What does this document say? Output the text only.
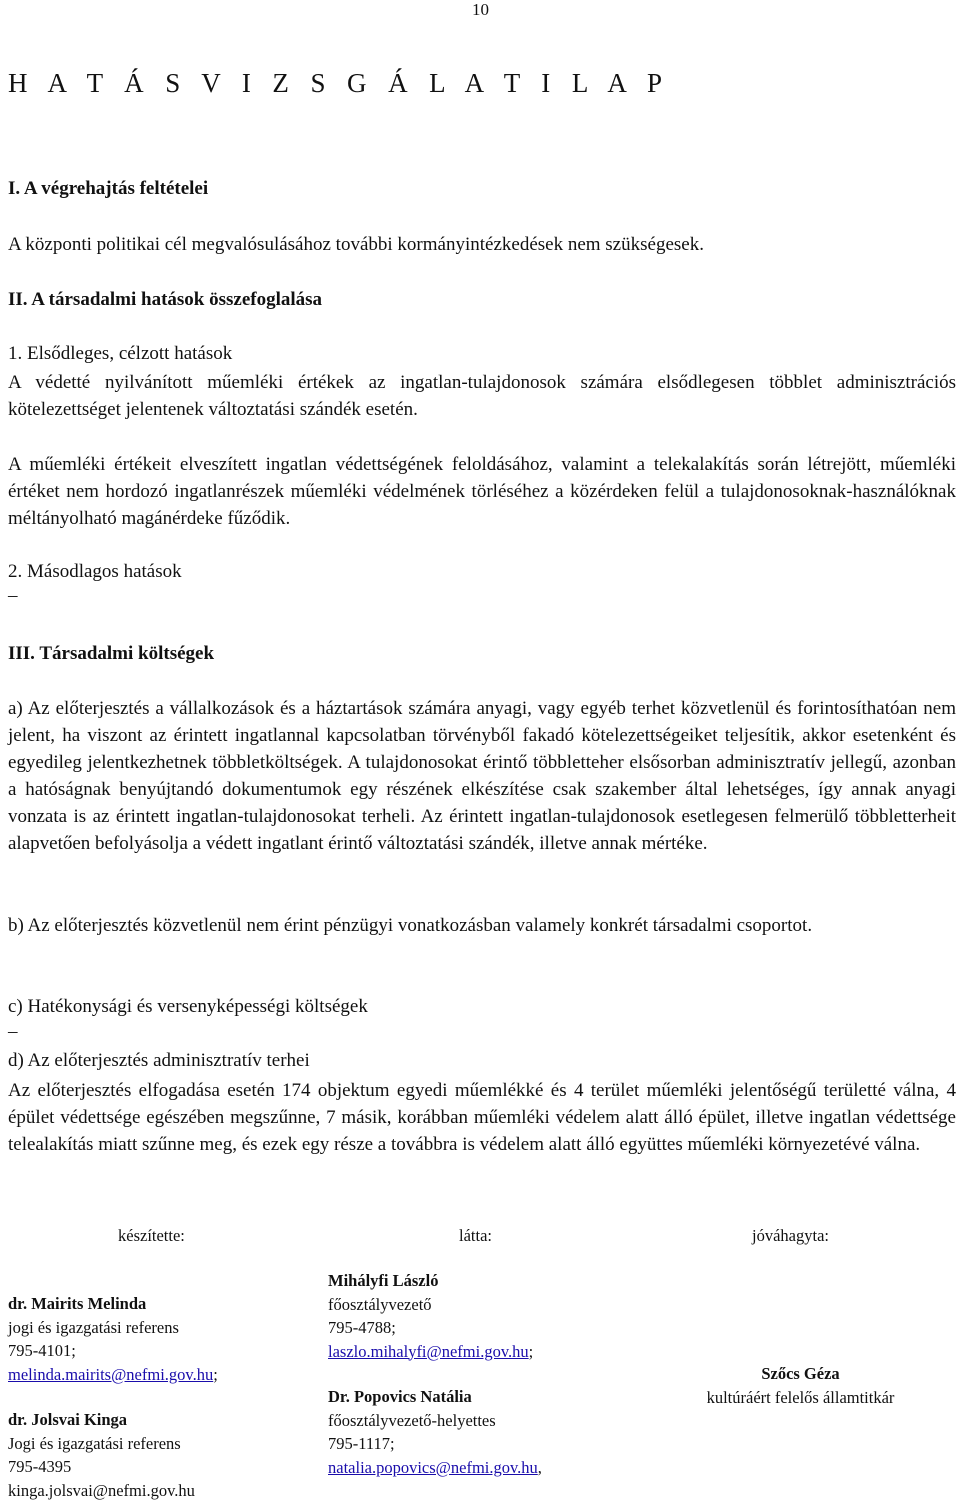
10
H A T Á S V I Z S G Á L A T I L A P
I. A végrehajtás feltételei
A központi politikai cél megvalósulásához további kormányintézkedések nem szükségesek.
II. A társadalmi hatások összefoglalása
1. Elsődleges, célzott hatások
A védetté nyilvánított műemléki értékek az ingatlan-tulajdonosok számára elsődlegesen többlet adminisztrációs kötelezettséget jelentenek változtatási szándék esetén.
A műemléki értékeit elveszített ingatlan védettségének feloldásához, valamint a telekalakítás során létrejött, műemléki értéket nem hordozó ingatlanrészek műemléki védelmének törléséhez a közérdeken felül a tulajdonosoknak-használóknak méltányolható magánérdeke fűződik.
2. Másodlagos hatások
–
III. Társadalmi költségek
a) Az előterjesztés a vállalkozások és a háztartások számára anyagi, vagy egyéb terhet közvetlenül és forintosíthatóan nem jelent, ha viszont az érintett ingatlannal kapcsolatban törvényből fakadó kötelezettségeiket teljesítik, akkor esetenként és egyedileg jelentkezhetnek többletköltségek. A tulajdonosokat érintő többletteher elsősorban adminisztratív jellegű, azonban a hatóságnak benyújtandó dokumentumok egy részének elkészítése csak szakember által lehetséges, így annak anyagi vonzata is az érintett ingatlan-tulajdonosokat terheli. Az érintett ingatlan-tulajdonosok esetlegesen felmerülő többletterheit alapvetően befolyásolja a védett ingatlant érintő változtatási szándék, illetve annak mértéke.
b) Az előterjesztés közvetlenül nem érint pénzügyi vonatkozásban valamely konkrét társadalmi csoportot.
c) Hatékonysági és versenyképességi költségek
–
d) Az előterjesztés adminisztratív terhei
Az előterjesztés elfogadása esetén 174 objektum egyedi műemlékké és 4 terület műemléki jelentőségű területté válna, 4 épület védettsége egészében megszűnne, 7 másik, korábban műemléki védelem alatt álló épület, illetve ingatlan védettsége telealakítás miatt szűnne meg, és ezek egy része a továbbra is védelem alatt álló együttes műemléki környezetévé válna.
készítette:	látta:	jóváhagyta:
dr. Mairits Melinda
jogi és igazgatási referens
795-4101;
melinda.mairits@nefmi.gov.hu;
dr. Jolsvai Kinga
Jogi és igazgatási referens
795-4395
kinga.jolsvai@nefmi.gov.hu
Mihályfi László
főosztályvezető
795-4788;
laszlo.mihalyfi@nefmi.gov.hu;
Dr. Popovics Natália
főosztályvezető-helyettes
795-1117;
natalia.popovics@nefmi.gov.hu,
Szőcs Géza
kultúráért felelős államtitkár
